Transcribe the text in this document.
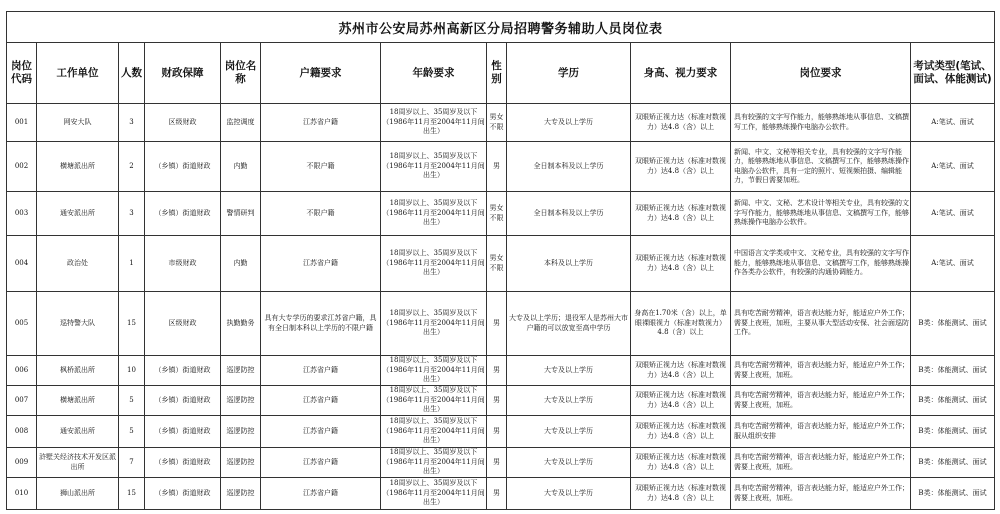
苏州市公安局苏州高新区分局招聘警务辅助人员岗位表											
岗位代码	工作单位	人数	财政保障	岗位名称	户籍要求	年龄要求	性别	学历	身高、视力要求	岗位要求	考试类型(笔试、面试、体能测试)
001	网安大队	3	区级财政	监控调度	江苏省户籍	18周岁以上、35周岁及以下（1986年11月至2004年11月间出生）	男女不限	大专及以上学历	双眼矫正视力达（标准对数视力）达4.8（含）以上	具有较强的文字写作能力，能够熟练地从事信息、文稿撰写工作，能够熟练操作电脑办公软件。	A:笔试、面试
002	横塘派出所	2	（乡镇）街道财政	内勤	不限户籍	18周岁以上、35周岁及以下（1986年11月至2004年11月间出生）	男	全日制本科及以上学历	双眼矫正视力达（标准对数视力）达4.8（含）以上	新闻、中文、文秘等相关专业，具有较强的文字写作能力，能够熟练地从事信息、文稿撰写工作，能够熟练操作电脑办公软件，具有一定的照片、短视频拍摄、编辑能力，节假日需要加班。	A:笔试、面试
003	通安派出所	3	（乡镇）街道财政	警情研判	不限户籍	18周岁以上、35周岁及以下（1986年11月至2004年11月间出生）	男女不限	全日制本科及以上学历	双眼矫正视力达（标准对数视力）达4.8（含）以上	新闻、中文、文秘、艺术设计等相关专业，具有较强的文字写作能力，能够熟练地从事信息、文稿撰写工作，能够熟练操作电脑办公软件。	A:笔试、面试
004	政治处	1	市级财政	内勤	江苏省户籍	18周岁以上、35周岁及以下（1986年11月至2004年11月间出生）	男女不限	本科及以上学历	双眼矫正视力达（标准对数视力）达4.8（含）以上	中国语言文学类或中文、文秘专业，具有较强的文字写作能力，能够熟练地从事信息、文稿撰写工作，能够熟练操作各类办公软件，有较强的沟通协调能力。	A:笔试、面试
005	巡特警大队	15	区级财政	执勤勤务	具有大专学历的要求江苏省户籍，具有全日制本科以上学历的不限户籍	18周岁以上、35周岁及以下（1986年11月至2004年11月间出生）	男	大专及以上学历；退役军人是苏州大市户籍的可以放宽至高中学历	身高在1.70米（含）以上，单眼裸眼视力（标准对数视力）4.8（含）以上	具有吃苦耐劳精神，语言表达能力好，能适应户外工作；需要上夜班，加班，主要从事大型活动安保、社会面巡防工作。	B类：体能测试、面试
006	枫桥派出所	10	（乡镇）街道财政	巡逻防控	江苏省户籍	18周岁以上、35周岁及以下（1986年11月至2004年11月间出生）	男	大专及以上学历	双眼矫正视力达（标准对数视力）达4.8（含）以上	具有吃苦耐劳精神，语言表达能力好，能适应户外工作；需要上夜班，加班。	B类：体能测试、面试
007	横塘派出所	5	（乡镇）街道财政	巡逻防控	江苏省户籍	18周岁以上、35周岁及以下（1986年11月至2004年11月间出生）	男	大专及以上学历	双眼矫正视力达（标准对数视力）达4.8（含）以上	具有吃苦耐劳精神，语言表达能力好，能适应户外工作；需要上夜班，加班。	B类：体能测试、面试
008	通安派出所	5	（乡镇）街道财政	巡逻防控	江苏省户籍	18周岁以上、35周岁及以下（1986年11月至2004年11月间出生）	男	大专及以上学历	双眼矫正视力达（标准对数视力）达4.8（含）以上	具有吃苦耐劳精神，语言表达能力好，能适应户外工作；服从组织安排	B类：体能测试、面试
009	浒墅关经济技术开发区派出所	7	（乡镇）街道财政	巡逻防控	江苏省户籍	18周岁以上、35周岁及以下（1986年11月至2004年11月间出生）	男	大专及以上学历	双眼矫正视力达（标准对数视力）达4.8（含）以上	具有吃苦耐劳精神，语言表达能力好，能适应户外工作；需要上夜班，加班。	B类：体能测试、面试
010	狮山派出所	15	（乡镇）街道财政	巡逻防控	江苏省户籍	18周岁以上、35周岁及以下（1986年11月至2004年11月间出生）	男	大专及以上学历	双眼矫正视力达（标准对数视力）达4.8（含）以上	具有吃苦耐劳精神，语言表达能力好，能适应户外工作；需要上夜班，加班。	B类：体能测试、面试
